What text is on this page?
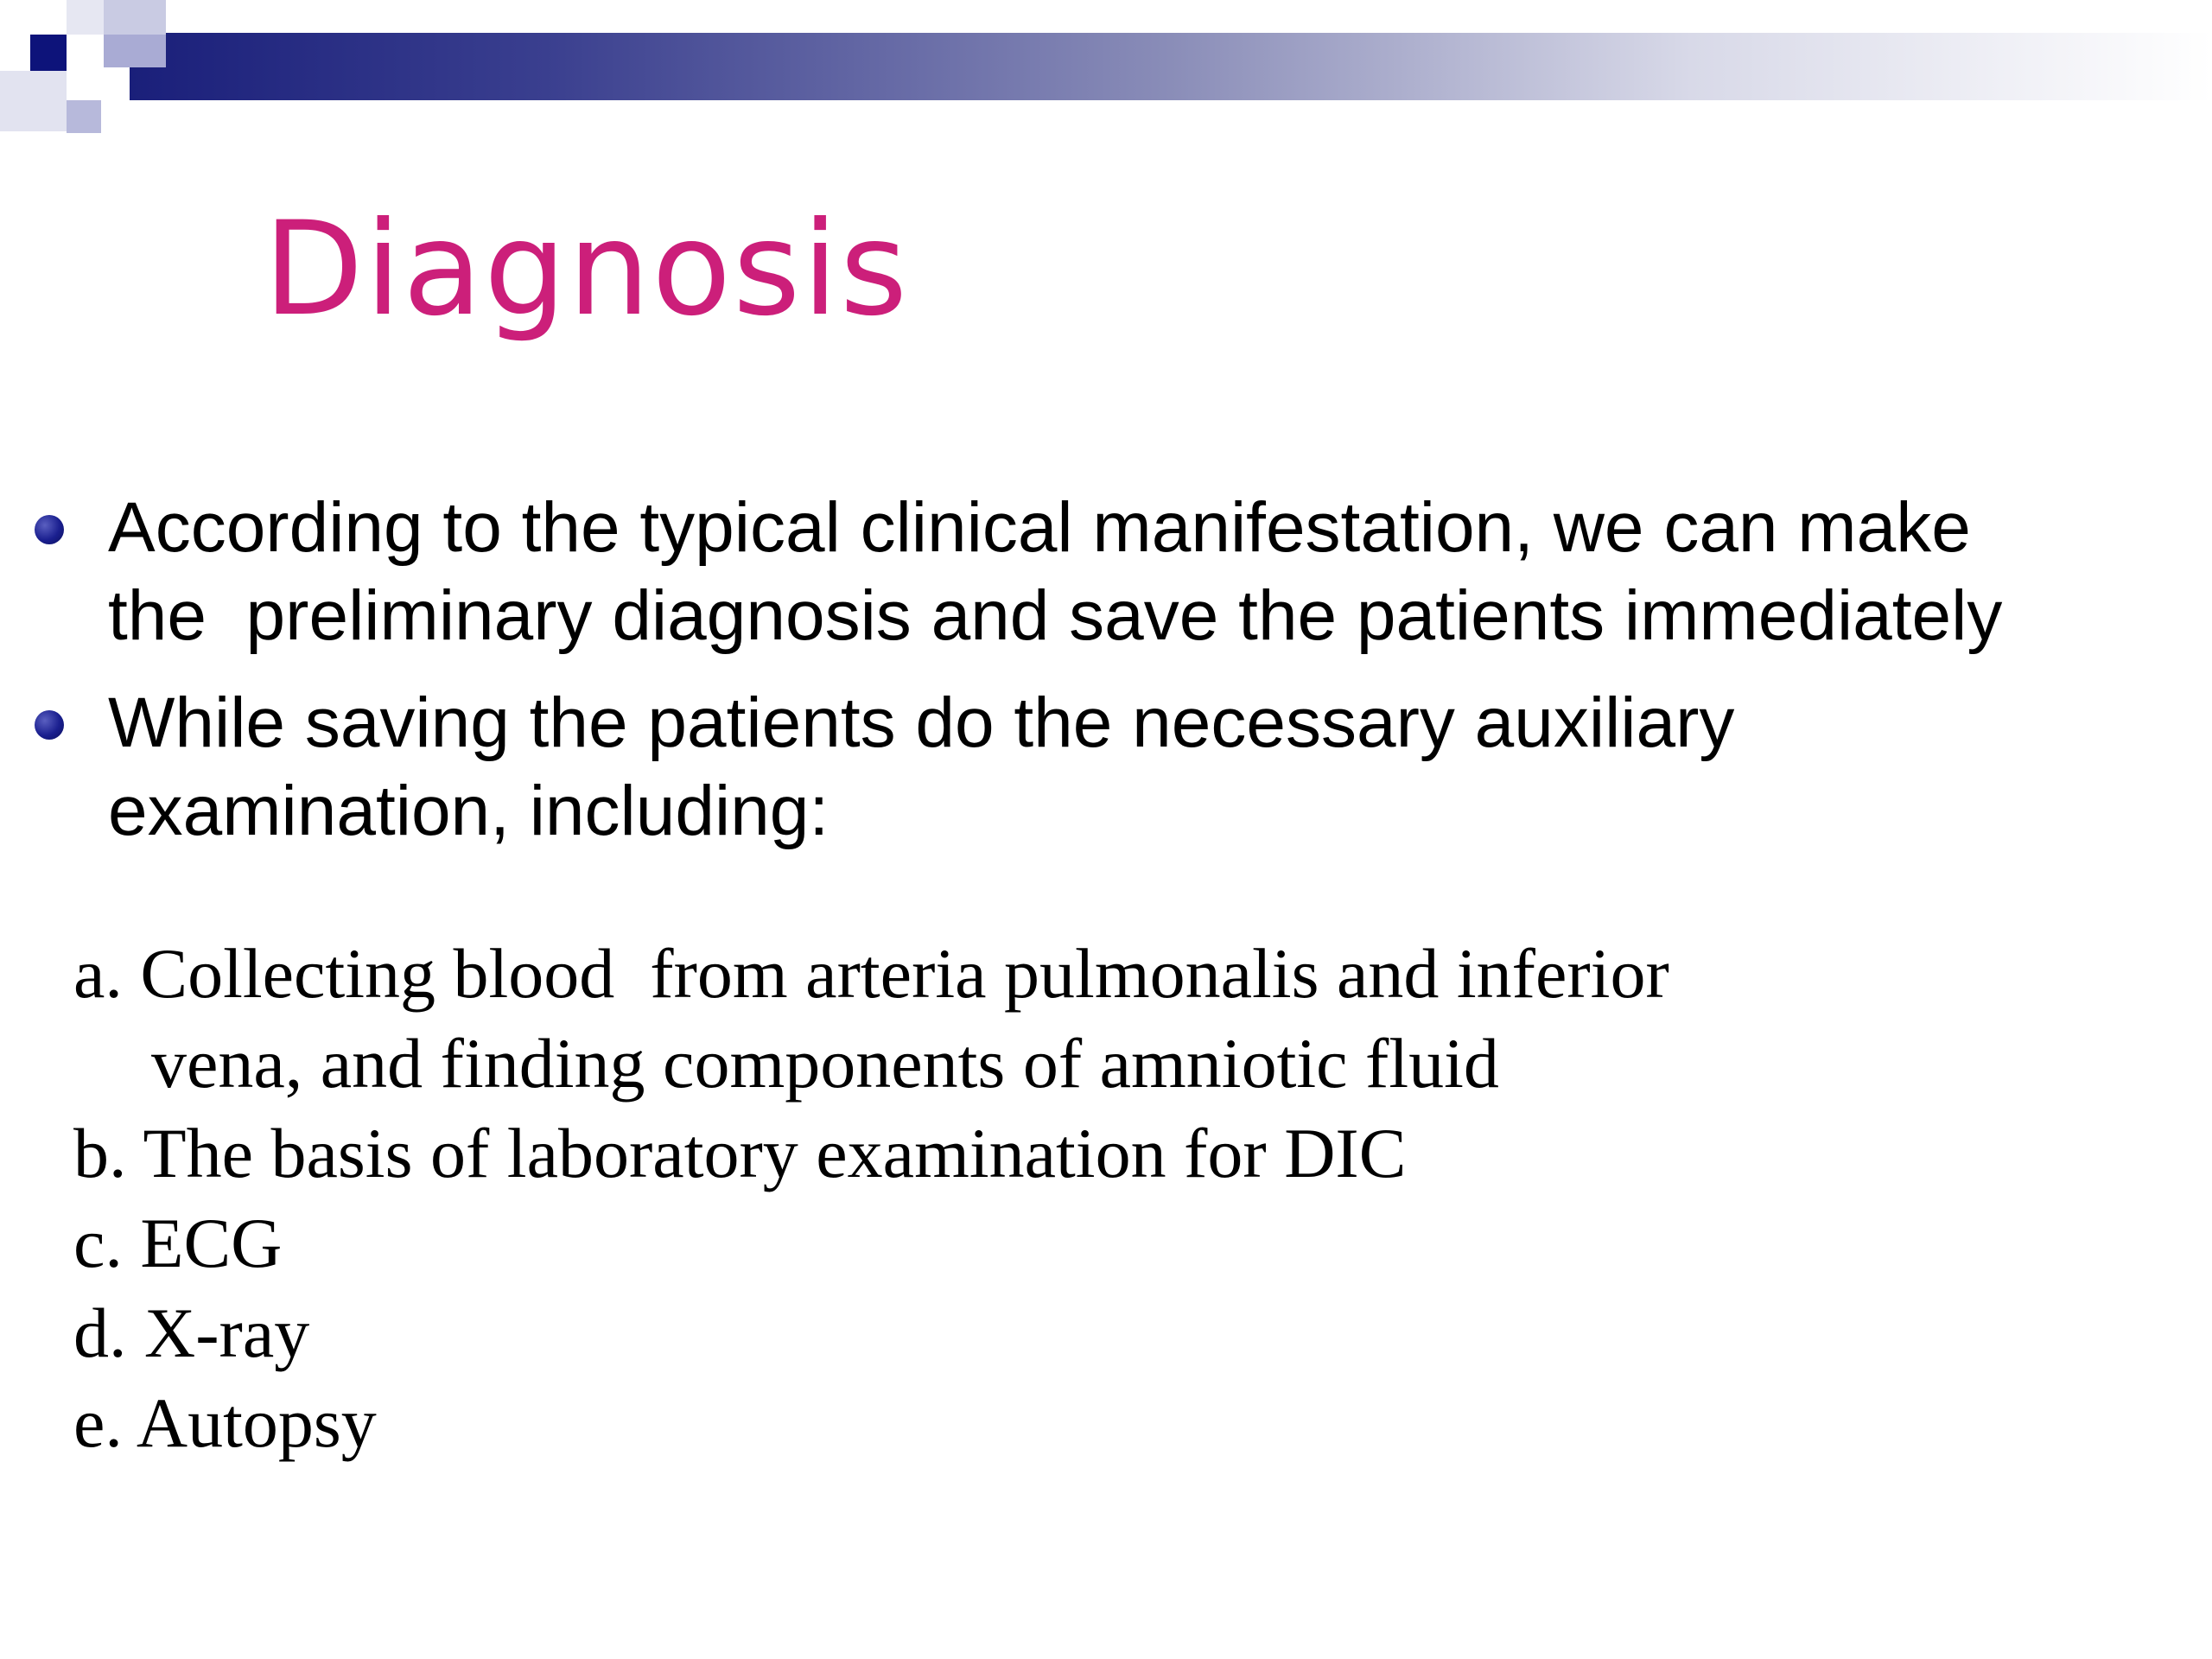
Diagnosis
According to the typical clinical manifestation, we can make
the  preliminary diagnosis and save the patients immediately
While saving the patients do the necessary auxiliary
examination, including:
a. Collecting blood  from arteria pulmonalis and inferior
vena, and finding components of amniotic fluid
b. The basis of laboratory examination for DIC
c. ECG
d. X-ray
e. Autopsy
